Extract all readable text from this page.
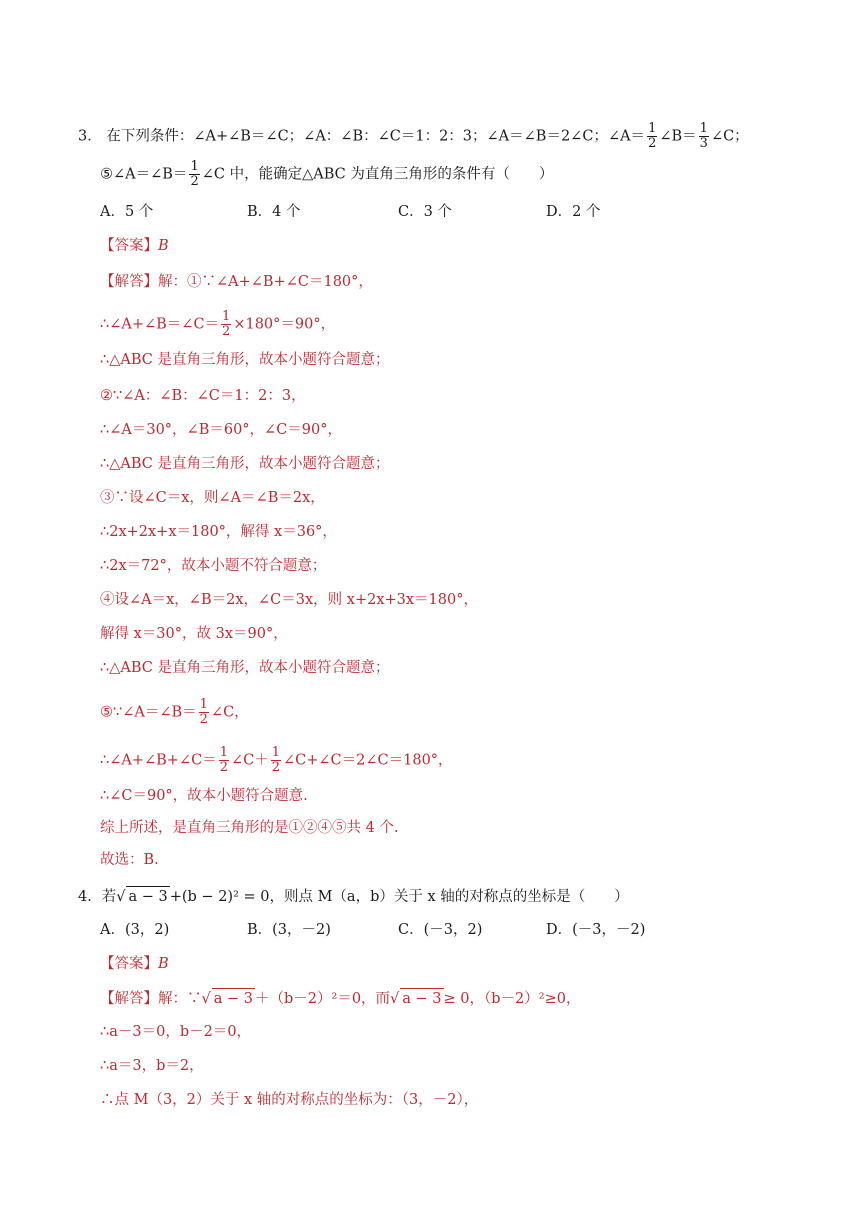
3． 在下列条件：∠A+∠B＝∠C；∠A：∠B：∠C＝1：2：3；∠A＝∠B＝2∠C；∠A＝ $\frac{1}{2}$ ∠B＝ $\frac{1}{3}$ ∠C；
⑤∠A＝∠B＝ $\frac{1}{2}$ ∠C 中，能确定△ABC 为直角三角形的条件有（　　）
A．5 个	B．4 个	C．3 个	D．2 个
【答案】B
【解答】解：①∵∠A+∠B+∠C＝180°，
∴∠A+∠B＝∠C＝ $\frac{1}{2} \times 180^\circ=90^\circ$，
∴△ABC 是直角三角形，故本小题符合题意；
②∵∠A：∠B：∠C＝1：2：3，
∴∠A＝30°，∠B＝60°，∠C＝90°，
∴△ABC 是直角三角形，故本小题符合题意；
③∵设∠C＝x，则∠A＝∠B＝2x，
∴2x+2x+x＝180°，解得 x＝36°，
∴2x＝72°，故本小题不符合题意；
④设∠A＝x，∠B＝2x，∠C＝3x，则 x+2x+3x＝180°，
解得 x＝30°，故 3x＝90°，
∴△ABC 是直角三角形，故本小题符合题意；
⑤∵∠A＝∠B＝ $\frac{1}{2}$ ∠C，
∴∠A+∠B+∠C＝ $\frac{1}{2}$ ∠C＋ $\frac{1}{2}$ ∠C+∠C＝2∠C＝180°，
∴∠C＝90°，故本小题符合题意.
综上所述，是直角三角形的是①②④⑤共 4 个.
故选：B.
4．若√ a − 3 +(b − 2)² = 0，则点 M（a，b）关于 x 轴的对称点的坐标是（　　）
A．(3，2)	B．(3，－2)	C．(－3，2)	D．(－3，－2)
【答案】B
【解答】解：∵√ a − 3 ＋（b－2）²＝0，而√ a − 3 ≥ 0，（b－2）²≥0，
∴a－3＝0，b－2＝0，
∴a＝3，b＝2，
∴点 M（3，2）关于 x 轴的对称点的坐标为：（3，－2），
